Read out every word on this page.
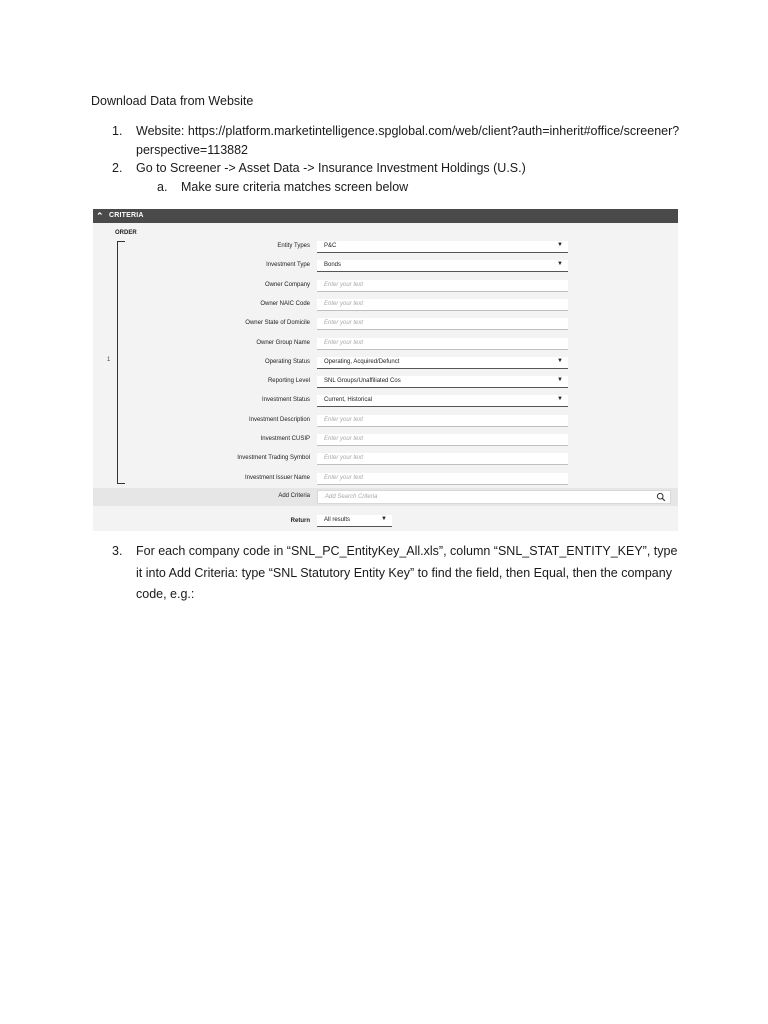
Download Data from Website
1.	Website: https://platform.marketintelligence.spglobal.com/web/client?auth=inherit#office/screener?perspective=113882
2.	Go to Screener -> Asset Data -> Insurance Investment Holdings (U.S.)
a.	Make sure criteria matches screen below
⌃ CRITERIA
ORDER
1
Entity Types P&C	▼
Investment Type Bonds	▼
Owner Company Enter your text
Owner NAIC Code Enter your text
Owner State of Domicile Enter your text
Owner Group Name Enter your text
Operating Status Operating, Acquired/Defunct	▼
Reporting Level SNL Groups/Unaffiliated Cos	▼
Investment Status Current, Historical	▼
Investment Description Enter your text
Investment CUSIP Enter your text
Investment Trading Symbol Enter your text
Investment Issuer Name Enter your text
Add Criteria	Add Search Criteria
Return All results	▼
3.	For each company code in “SNL_PC_EntityKey_All.xls”, column “SNL_STAT_ENTITY_KEY”, type it into Add Criteria: type “SNL Statutory Entity Key” to find the field, then Equal, then the company code, e.g.:
